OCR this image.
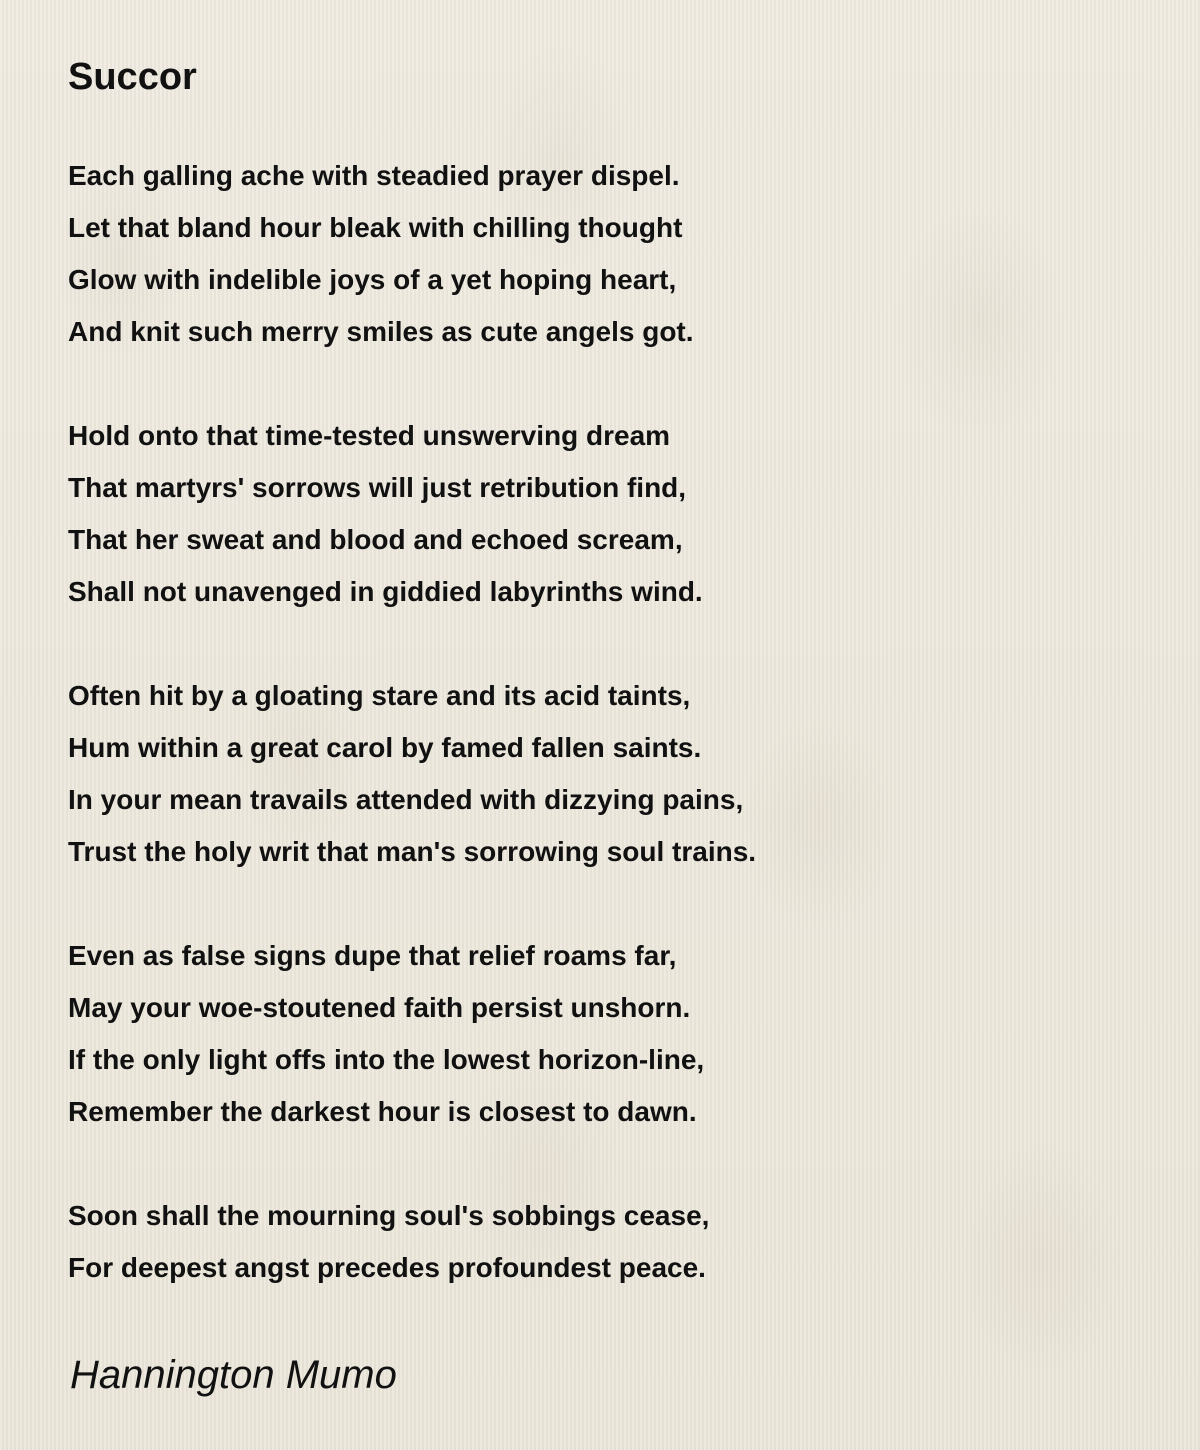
Succor
Each galling ache with steadied prayer dispel.
Let that bland hour bleak with chilling thought
Glow with indelible joys of a yet hoping heart,
And knit such merry smiles as cute angels got.
Hold onto that time-tested unswerving dream
That martyrs' sorrows will just retribution find,
That her sweat and blood and echoed scream,
Shall not unavenged in giddied labyrinths wind.
Often hit by a gloating stare and its acid taints,
Hum within a great carol by famed fallen saints.
In your mean travails attended with dizzying pains,
Trust the holy writ that man's sorrowing soul trains.
Even as false signs dupe that relief roams far,
May your woe-stoutened faith persist unshorn.
If the only light offs into the lowest horizon-line,
Remember the darkest hour is closest to dawn.
Soon shall the mourning soul's sobbings cease,
For deepest angst precedes profoundest peace.
Hannington Mumo
